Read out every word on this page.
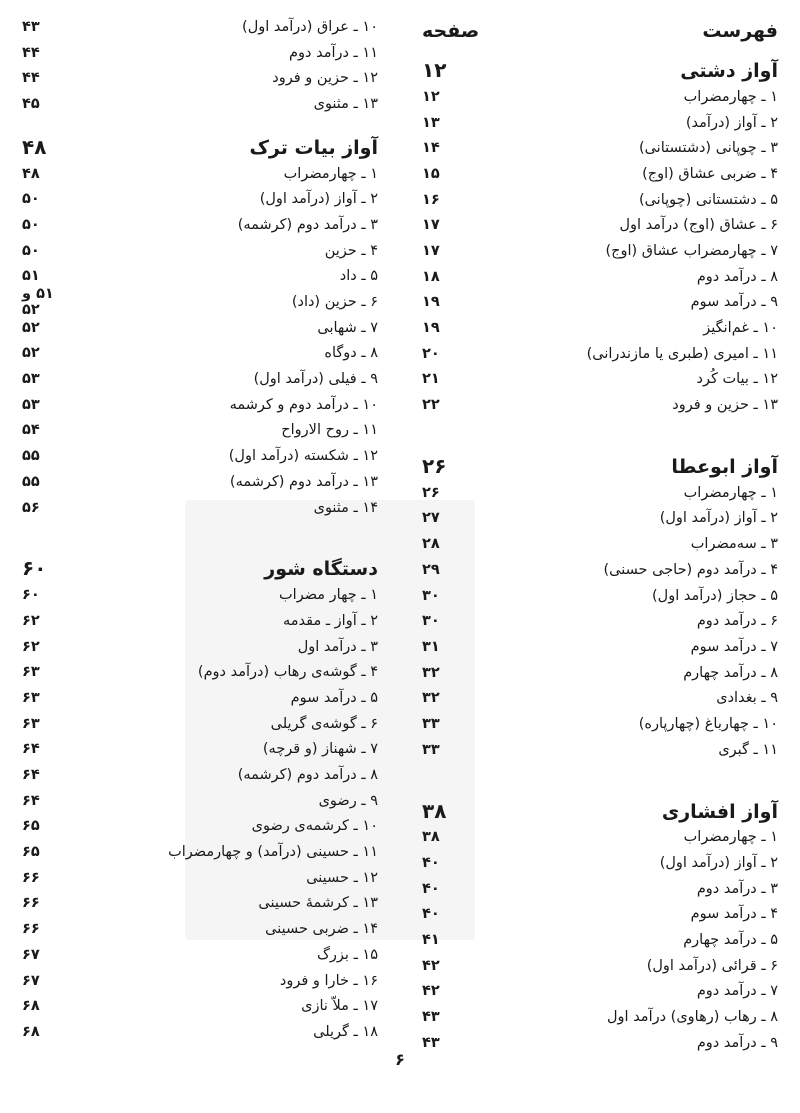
فهرست
صفحه
آواز دشتی
۱۲
۱ ـ چهارمضراب
۱۲
۲ ـ آواز (درآمد)
۱۳
۳ ـ چوپانی (دشتستانی)
۱۴
۴ ـ ضربی عشاق (اوج)
۱۵
۵ ـ دشتستانی (چوپانی)
۱۶
۶ ـ عشاق (اوج) درآمد اول
۱۷
۷ ـ چهارمضراب عشاق (اوج)
۱۷
۸ ـ درآمد دوم
۱۸
۹ ـ درآمد سوم
۱۹
۱۰ ـ غم‌انگیز
۱۹
۱۱ ـ امیری (طبری یا مازندرانی)
۲۰
۱۲ ـ بیات کُرد
۲۱
۱۳ ـ حزین و فرود
۲۲
آواز ابوعطا
۲۶
۱ ـ چهارمضراب
۲۶
۲ ـ آواز (درآمد اول)
۲۷
۳ ـ سه‌مضراب
۲۸
۴ ـ درآمد دوم (حاجی حسنی)
۲۹
۵ ـ حجاز (درآمد اول)
۳۰
۶ ـ درآمد دوم
۳۰
۷ ـ درآمد سوم
۳۱
۸ ـ درآمد چهارم
۳۲
۹ ـ بغدادی
۳۲
۱۰ ـ چهارباغ (چهارپاره)
۳۳
۱۱ ـ گبری
۳۳
آواز افشاری
۳۸
۱ ـ چهارمضراب
۳۸
۲ ـ آواز (درآمد اول)
۴۰
۳ ـ درآمد دوم
۴۰
۴ ـ درآمد سوم
۴۰
۵ ـ درآمد چهارم
۴۱
۶ ـ قرائی (درآمد اول)
۴۲
۷ ـ درآمد دوم
۴۲
۸ ـ رهاب (رهاوی) درآمد اول
۴۳
۹ ـ درآمد دوم
۴۳
۱۰ ـ عراق (درآمد اول)
۴۳
۱۱ ـ درآمد دوم
۴۴
۱۲ ـ حزین و فرود
۴۴
۱۳ ـ مثنوی
۴۵
آواز بیات ترک
۴۸
۱ ـ چهارمضراب
۴۸
۲ ـ آواز (درآمد اول)
۵۰
۳ ـ درآمد دوم (کرشمه)
۵۰
۴ ـ حزین
۵۰
۵ ـ داد
۵۱
۶ ـ حزین (داد)
۵۱ و ۵۲
۷ ـ شهابی
۵۲
۸ ـ دوگاه
۵۲
۹ ـ فیلی (درآمد اول)
۵۳
۱۰ ـ درآمد دوم و کرشمه
۵۳
۱۱ ـ روح الارواح
۵۴
۱۲ ـ شکسته (درآمد اول)
۵۵
۱۳ ـ درآمد دوم (کرشمه)
۵۵
۱۴ ـ مثنوی
۵۶
دستگاه شور
۶۰
۱ ـ چهار مضراب
۶۰
۲ ـ آواز ـ مقدمه
۶۲
۳ ـ درآمد اول
۶۲
۴ ـ گوشه‌ی رهاب (درآمد دوم)
۶۳
۵ ـ درآمد سوم
۶۳
۶ ـ گوشه‌ی گریلی
۶۳
۷ ـ شهناز (و قرچه)
۶۴
۸ ـ درآمد دوم (کرشمه)
۶۴
۹ ـ رضوی
۶۴
۱۰ ـ کرشمه‌ی رضوی
۶۵
۱۱ ـ حسینی (درآمد) و چهارمضراب
۶۵
۱۲ ـ حسینی
۶۶
۱۳ ـ کرشمهٔ حسینی
۶۶
۱۴ ـ ضربی حسینی
۶۶
۱۵ ـ بزرگ
۶۷
۱۶ ـ خارا و فرود
۶۷
۱۷ ـ ملاّ نازی
۶۸
۱۸ ـ گریلی
۶۸
۶
